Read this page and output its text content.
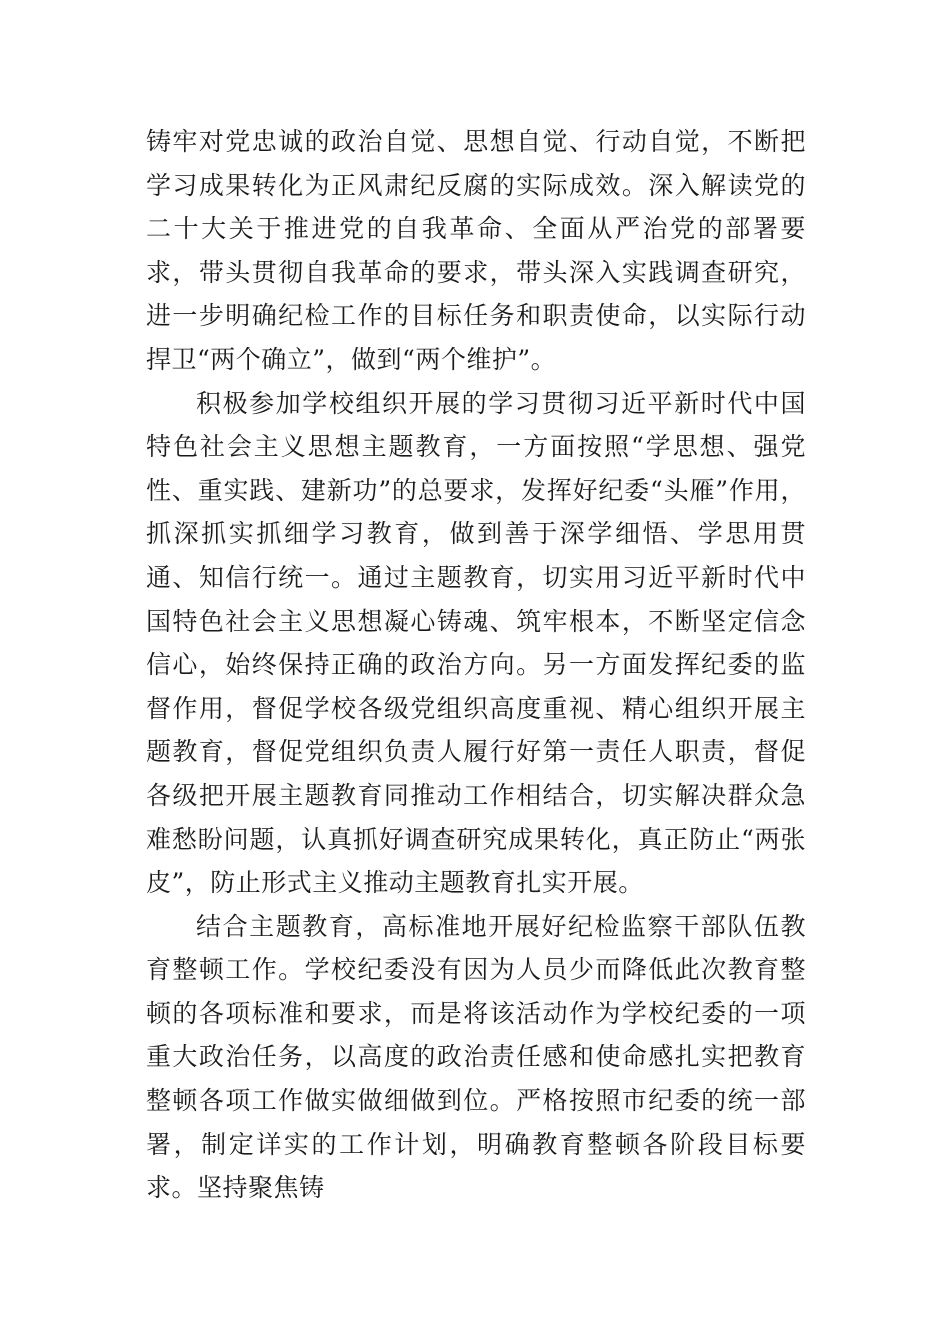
铸牢对党忠诚的政治自觉、思想自觉、行动自觉，不断把学习成果转化为正风肃纪反腐的实际成效。深入解读党的二十大关于推进党的自我革命、全面从严治党的部署要求，带头贯彻自我革命的要求，带头深入实践调查研究，进一步明确纪检工作的目标任务和职责使命，以实际行动捍卫“两个确立”，做到“两个维护”。

积极参加学校组织开展的学习贯彻习近平新时代中国特色社会主义思想主题教育，一方面按照“学思想、强党性、重实践、建新功”的总要求，发挥好纪委“头雁”作用，抓深抓实抓细学习教育，做到善于深学细悟、学思用贯通、知信行统一。通过主题教育，切实用习近平新时代中国特色社会主义思想凝心铸魂、筑牢根本，不断坚定信念信心，始终保持正确的政治方向。另一方面发挥纪委的监督作用，督促学校各级党组织高度重视、精心组织开展主题教育，督促党组织负责人履行好第一责任人职责，督促各级把开展主题教育同推动工作相结合，切实解决群众急难愁盼问题，认真抓好调查研究成果转化，真正防止“两张皮”，防止形式主义推动主题教育扎实开展。

结合主题教育，高标准地开展好纪检监察干部队伍教育整顿工作。学校纪委没有因为人员少而降低此次教育整顿的各项标准和要求，而是将该活动作为学校纪委的一项重大政治任务，以高度的政治责任感和使命感扎实把教育整顿各项工作做实做细做到位。严格按照市纪委的统一部署，制定详实的工作计划，明确教育整顿各阶段目标要求。坚持聚焦铸
